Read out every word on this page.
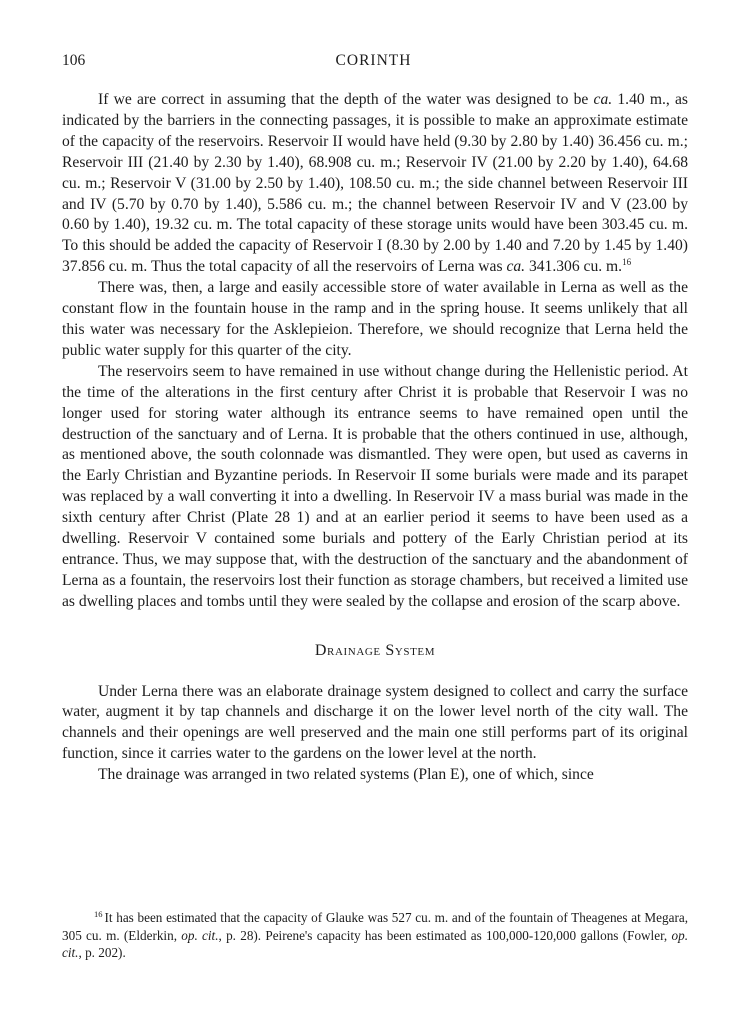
106	CORINTH

If we are correct in assuming that the depth of the water was designed to be ca. 1.40 m., as indicated by the barriers in the connecting passages, it is possible to make an approximate estimate of the capacity of the reservoirs. Reservoir II would have held (9.30 by 2.80 by 1.40) 36.456 cu. m.; Reservoir III (21.40 by 2.30 by 1.40), 68.908 cu. m.; Reservoir IV (21.00 by 2.20 by 1.40), 64.68 cu. m.; Reservoir V (31.00 by 2.50 by 1.40), 108.50 cu. m.; the side channel between Reservoir III and IV (5.70 by 0.70 by 1.40), 5.586 cu. m.; the channel between Reservoir IV and V (23.00 by 0.60 by 1.40), 19.32 cu. m. The total capacity of these storage units would have been 303.45 cu. m. To this should be added the capacity of Reservoir I (8.30 by 2.00 by 1.40 and 7.20 by 1.45 by 1.40) 37.856 cu. m. Thus the total capacity of all the reservoirs of Lerna was ca. 341.306 cu. m.$^{16}$

There was, then, a large and easily accessible store of water available in Lerna as well as the constant flow in the fountain house in the ramp and in the spring house. It seems unlikely that all this water was necessary for the Asklepieion. Therefore, we should recognize that Lerna held the public water supply for this quarter of the city.

The reservoirs seem to have remained in use without change during the Hellenistic period. At the time of the alterations in the first century after Christ it is probable that Reservoir I was no longer used for storing water although its entrance seems to have remained open until the destruction of the sanctuary and of Lerna. It is probable that the others continued in use, although, as mentioned above, the south colonnade was dismantled. They were open, but used as caverns in the Early Christian and Byzantine periods. In Reservoir II some burials were made and its parapet was replaced by a wall converting it into a dwelling. In Reservoir IV a mass burial was made in the sixth century after Christ (Plate 28 1) and at an earlier period it seems to have been used as a dwelling. Reservoir V contained some burials and pottery of the Early Christian period at its entrance. Thus, we may suppose that, with the destruction of the sanctuary and the abandonment of Lerna as a fountain, the reservoirs lost their function as storage chambers, but received a limited use as dwelling places and tombs until they were sealed by the collapse and erosion of the scarp above.

Drainage System

Under Lerna there was an elaborate drainage system designed to collect and carry the surface water, augment it by tap channels and discharge it on the lower level north of the city wall. The channels and their openings are well preserved and the main one still performs part of its original function, since it carries water to the gardens on the lower level at the north.

The drainage was arranged in two related systems (Plan E), one of which, since

$^{16}$ It has been estimated that the capacity of Glauke was 527 cu. m. and of the fountain of Theagenes at Megara, 305 cu. m. (Elderkin, op. cit., p. 28). Peirene's capacity has been estimated as 100,000-120,000 gallons (Fowler, op. cit., p. 202).
